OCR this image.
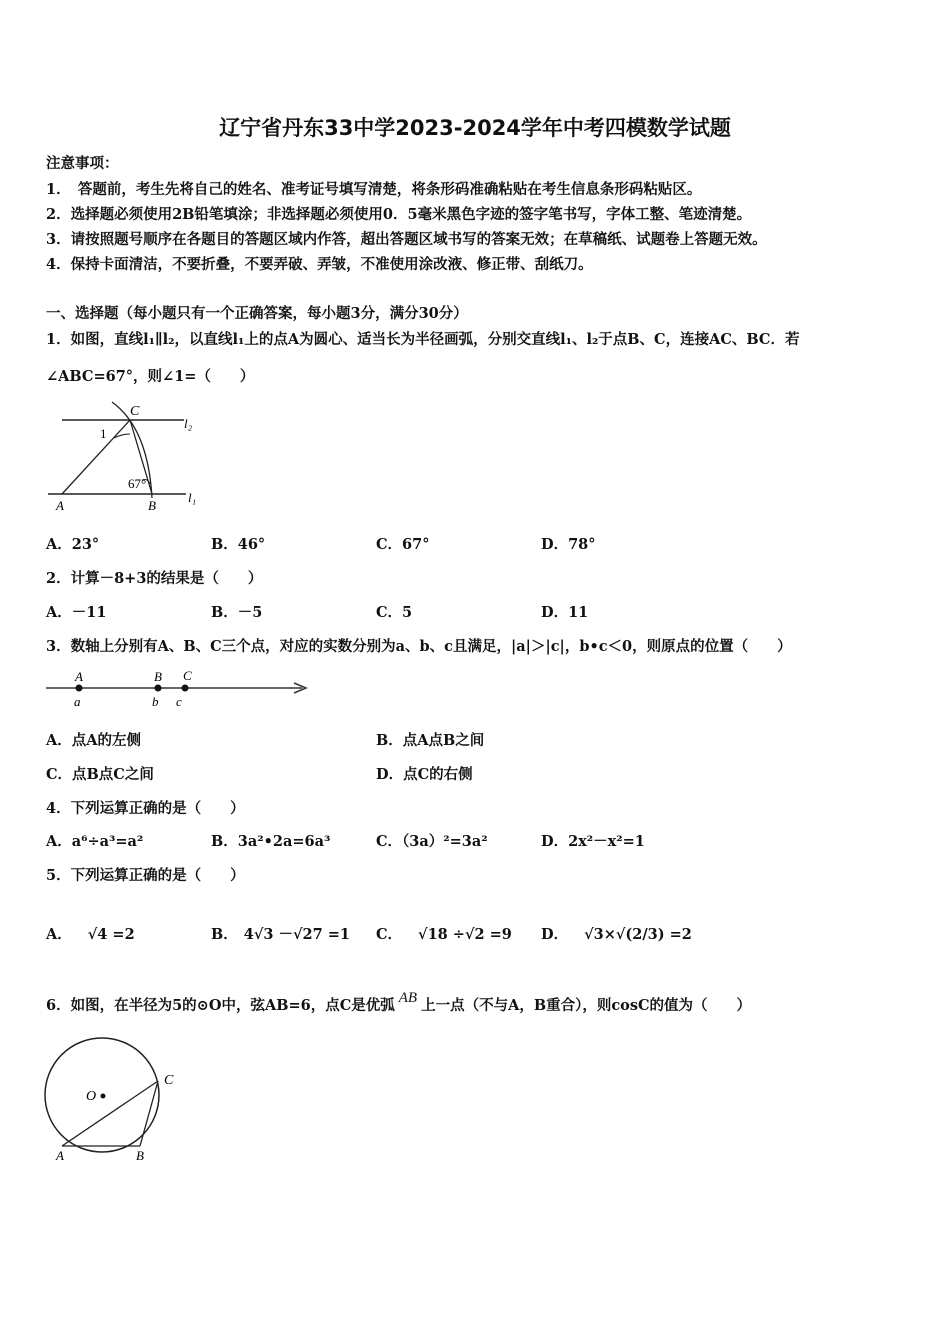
辽宁省丹东33中学2023-2024学年中考四模数学试题
注意事项：
1．　答题前，考生先将自己的姓名、准考证号填写清楚，将条形码准确粘贴在考生信息条形码粘贴区。
2．选择题必须使用2B铅笔填涂；非选择题必须使用0．5毫米黑色字迹的签字笔书写，字体工整、笔迹清楚。
3．请按照题号顺序在各题目的答题区域内作答，超出答题区域书写的答案无效；在草稿纸、试题卷上答题无效。
4．保持卡面清洁，不要折叠，不要弄破、弄皱，不准使用涂改液、修正带、刮纸刀。
一、选择题（每小题只有一个正确答案，每小题3分，满分30分）
1．如图，直线l₁∥l₂，以直线l₁上的点A为圆心、适当长为半径画弧，分别交直线l₁、l₂于点B、C，连接AC、BC．若
∠ABC=67°，则∠1=（　　）
C
l₂
1
67°
A	B
l₁
A．23°	B．46°	C．67°	D．78°
2．计算－8+3的结果是（　　）
A．－11	B．－5	C．5	D．11
3．数轴上分别有A、B、C三个点，对应的实数分别为a、b、c且满足，|a|＞|c|，b•c＜0，则原点的位置（　　）
A	B C
a	b c
A．点A的左侧	B．点A点B之间
C．点B点C之间	D．点C的右侧
4．下列运算正确的是（　　）
A．a⁶÷a³=a²	B．3a²•2a=6a³	C．（3a）²=3a²	D．2x²－x²=1
5．下列运算正确的是（　　）
A． √4 =2	B． 4√3 －√27 =1 C． √18 ÷√2 =9 D． √3×√(2/3) =2
6．如图，在半径为5的⊙O中，弦AB=6，点C是优弧 AB 上一点（不与A，B重合），则cosC的值为（　　）
O
C
A	B
